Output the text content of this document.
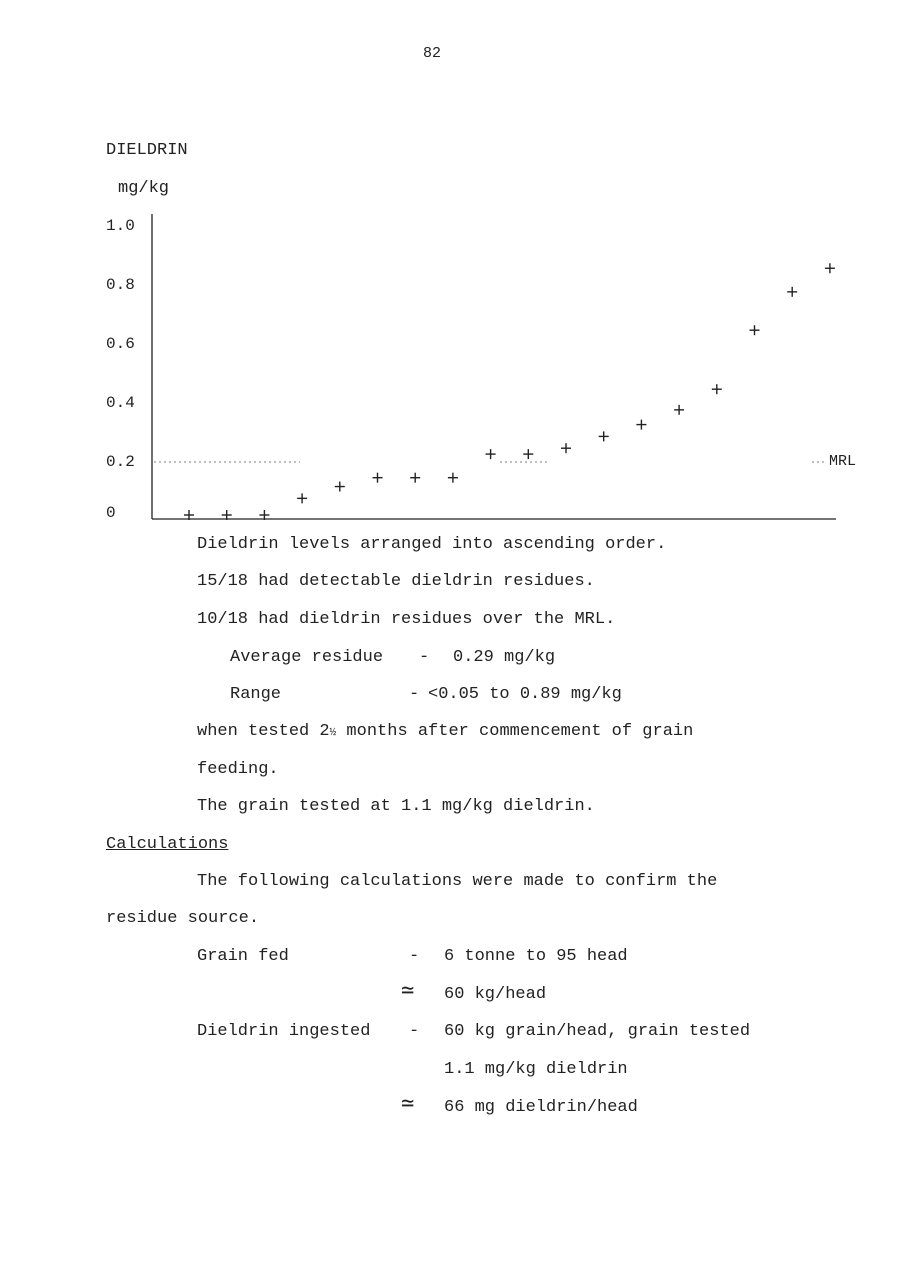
82
DIELDRIN
mg/kg
1.0
0.8
0.6
0.4
0.2
0
MRL
Dieldrin levels arranged into ascending order.
15/18 had detectable dieldrin residues.
10/18 had dieldrin residues over the MRL.
Average residue - 0.29 mg/kg
Range	- <0.05 to 0.89 mg/kg
when tested 2½ months after commencement of grain
feeding.
The grain tested at 1.1 mg/kg dieldrin.
Calculations
The following calculations were made to confirm the
residue source.
Grain fed	- 6 tonne to 95 head
≃ 60 kg/head
Dieldrin ingested - 60 kg grain/head, grain tested
1.1 mg/kg dieldrin
≃ 66 mg dieldrin/head
